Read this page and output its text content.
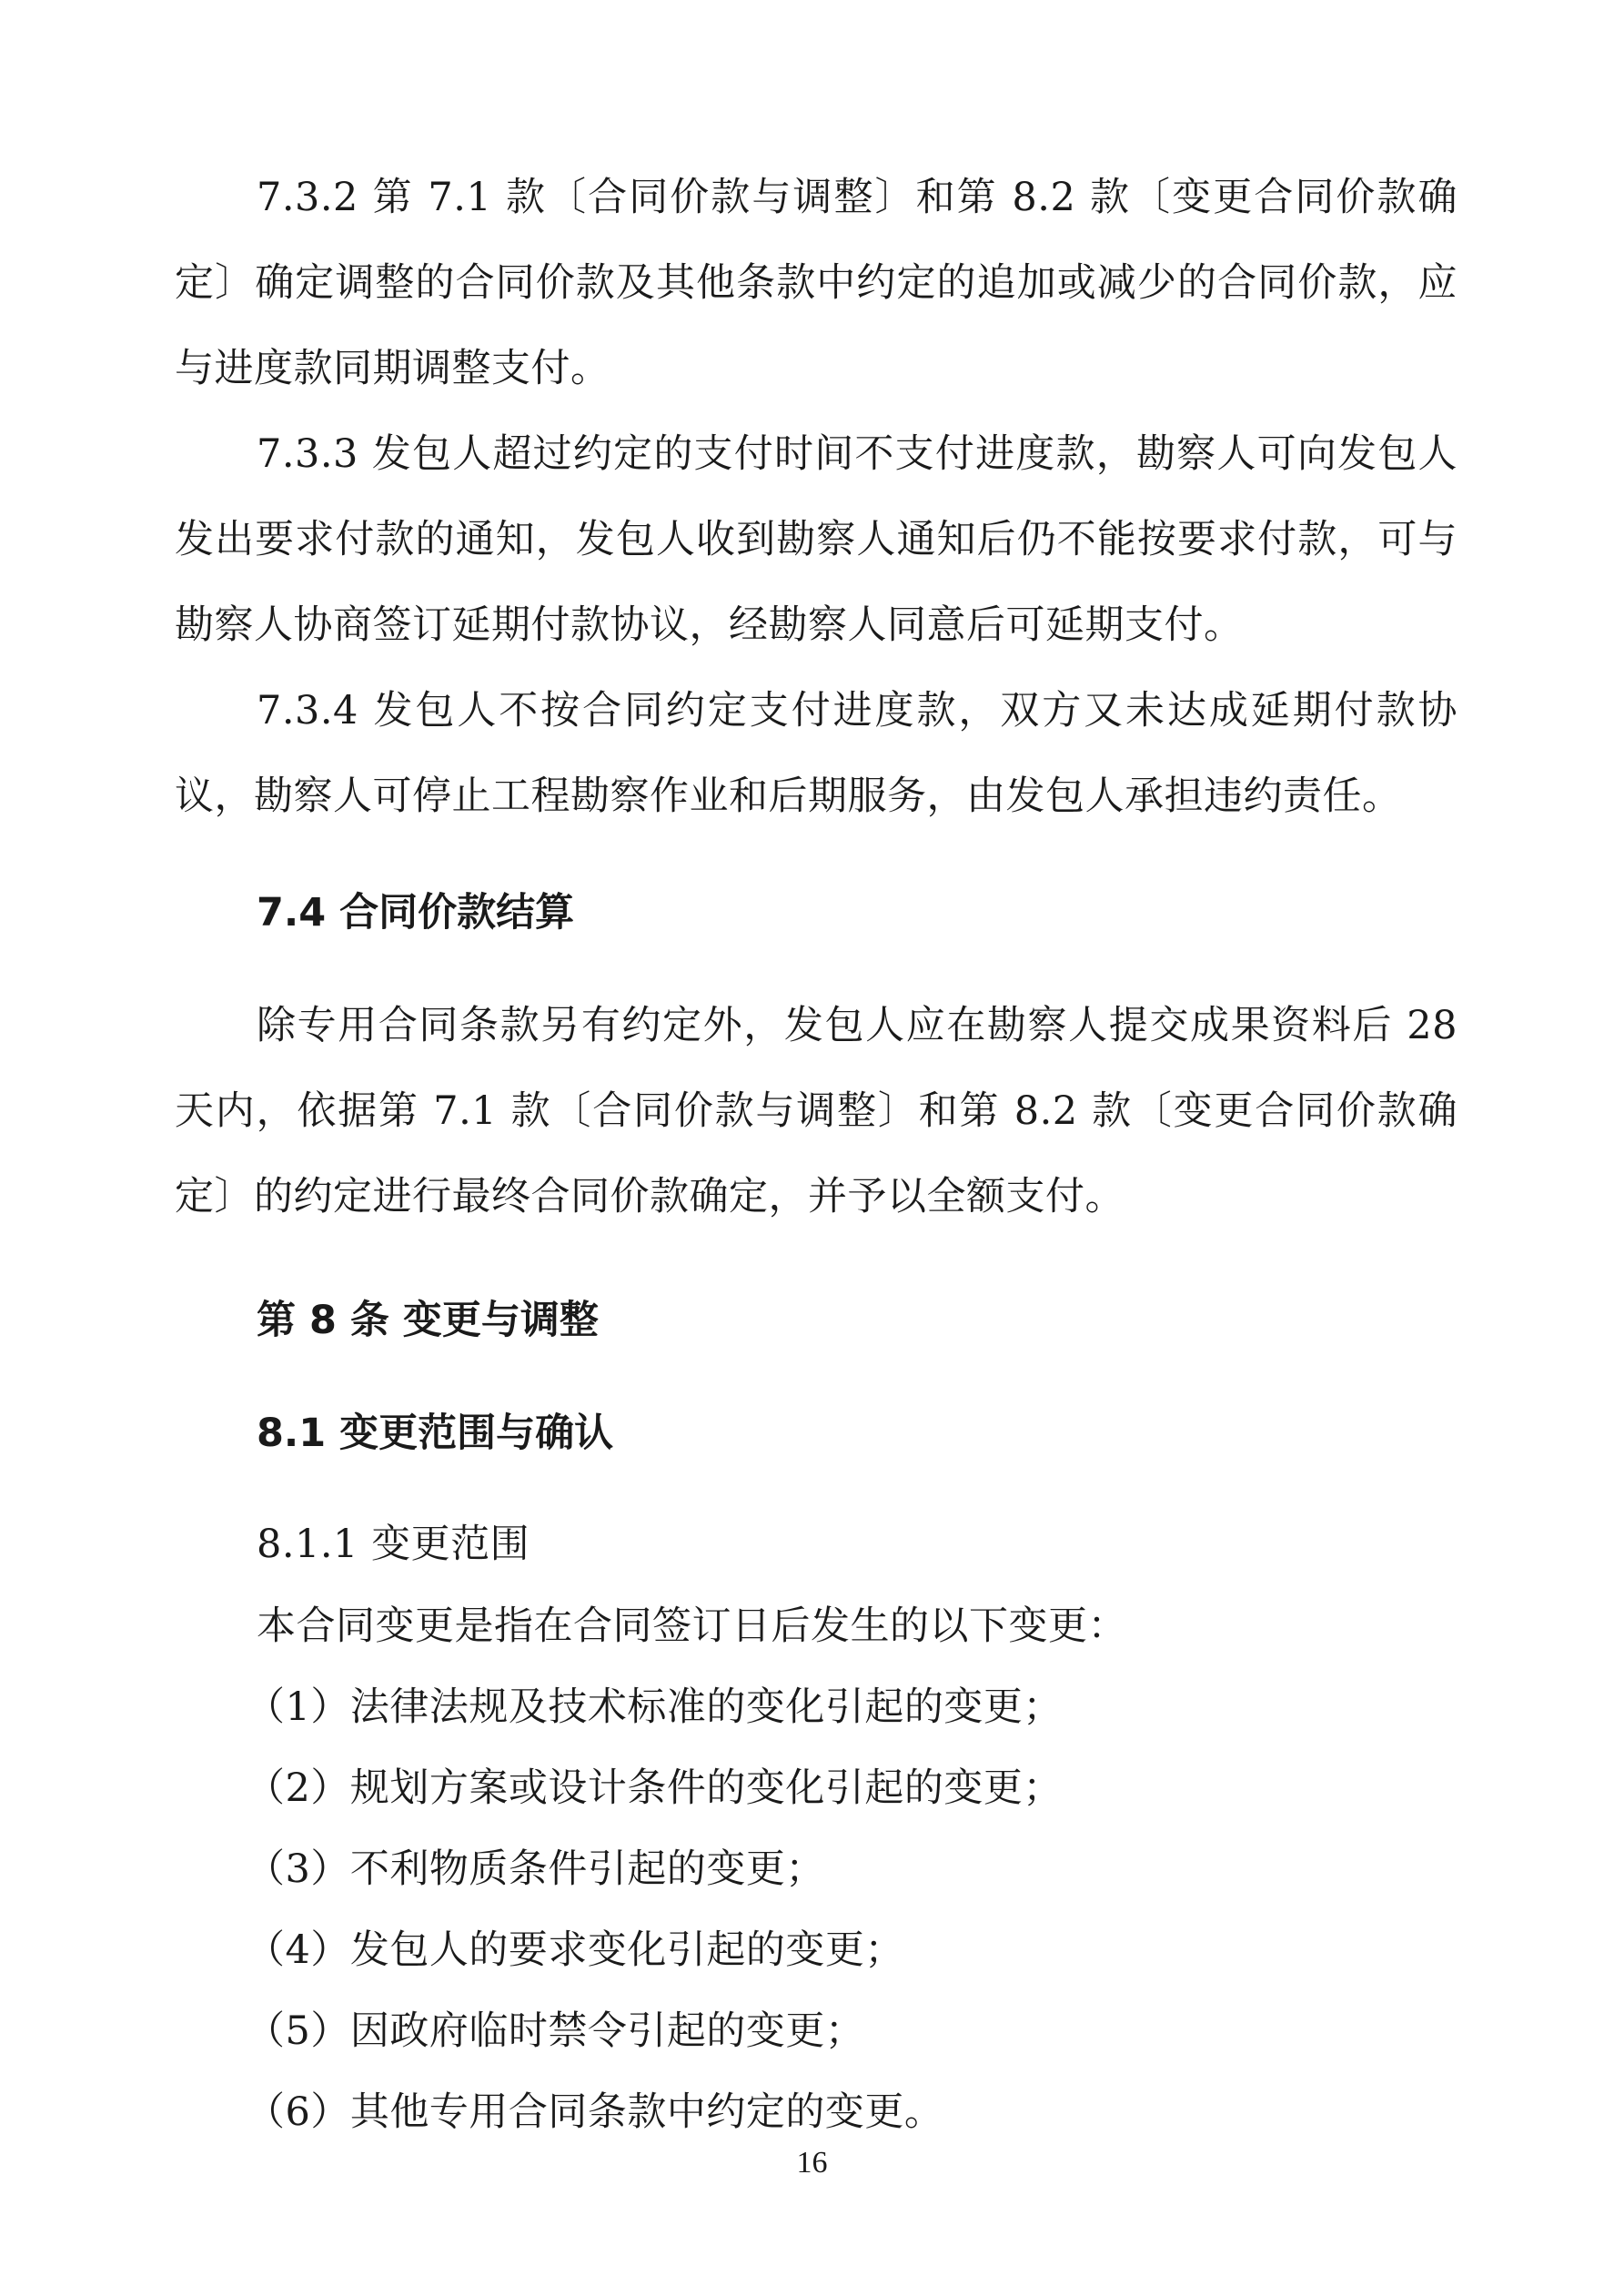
7.3.2 第 7.1 款〔合同价款与调整〕和第 8.2 款〔变更合同价款确定〕确定调整的合同价款及其他条款中约定的追加或减少的合同价款，应与进度款同期调整支付。

7.3.3 发包人超过约定的支付时间不支付进度款，勘察人可向发包人发出要求付款的通知，发包人收到勘察人通知后仍不能按要求付款，可与勘察人协商签订延期付款协议，经勘察人同意后可延期支付。

7.3.4 发包人不按合同约定支付进度款，双方又未达成延期付款协议，勘察人可停止工程勘察作业和后期服务，由发包人承担违约责任。

7.4 合同价款结算

除专用合同条款另有约定外，发包人应在勘察人提交成果资料后 28 天内，依据第 7.1 款〔合同价款与调整〕和第 8.2 款〔变更合同价款确定〕的约定进行最终合同价款确定，并予以全额支付。

第 8 条 变更与调整
8.1 变更范围与确认

8.1.1 变更范围

本合同变更是指在合同签订日后发生的以下变更：

（1）法律法规及技术标准的变化引起的变更；

（2）规划方案或设计条件的变化引起的变更；

（3）不利物质条件引起的变更；

（4）发包人的要求变化引起的变更；

（5）因政府临时禁令引起的变更；

（6）其他专用合同条款中约定的变更。

16
